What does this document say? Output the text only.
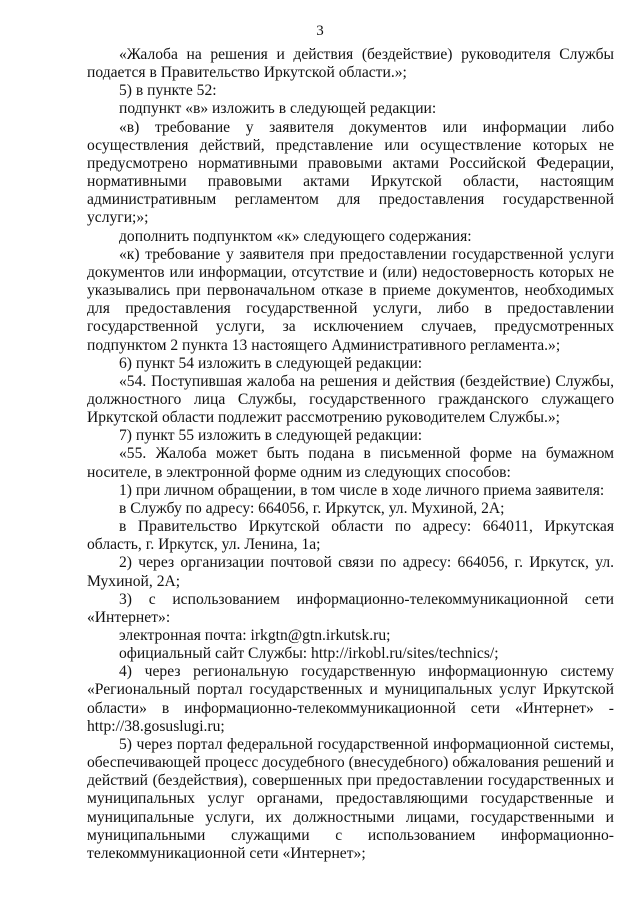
3

«Жалоба на решения и действия (бездействие) руководителя Службы подается в Правительство Иркутской области.»;

5) в пункте 52:

подпункт «в» изложить в следующей редакции:

«в) требование у заявителя документов или информации либо осуществления действий, представление или осуществление которых не предусмотрено нормативными правовыми актами Российской Федерации, нормативными правовыми актами Иркутской области, настоящим административным регламентом для предоставления государственной услуги;»;

дополнить подпунктом «к» следующего содержания:

«к) требование у заявителя при предоставлении государственной услуги документов или информации, отсутствие и (или) недостоверность которых не указывались при первоначальном отказе в приеме документов, необходимых для предоставления государственной услуги, либо в предоставлении государственной услуги, за исключением случаев, предусмотренных подпунктом 2 пункта 13 настоящего Административного регламента.»;

6) пункт 54 изложить в следующей редакции:

«54. Поступившая жалоба на решения и действия (бездействие) Службы, должностного лица Службы, государственного гражданского служащего Иркутской области подлежит рассмотрению руководителем Службы.»;

7) пункт 55 изложить в следующей редакции:

«55. Жалоба может быть подана в письменной форме на бумажном носителе, в электронной форме одним из следующих способов:

1) при личном обращении, в том числе в ходе личного приема заявителя:

в Службу по адресу: 664056, г. Иркутск, ул. Мухиной, 2А;

в Правительство Иркутской области по адресу: 664011, Иркутская область, г. Иркутск, ул. Ленина, 1а;

2) через организации почтовой связи по адресу: 664056, г. Иркутск, ул. Мухиной, 2А;

3) с использованием информационно-телекоммуникационной сети «Интернет»:

электронная почта: irkgtn@gtn.irkutsk.ru;

официальный сайт Службы: http://irkobl.ru/sites/technics/;

4) через региональную государственную информационную систему «Региональный портал государственных и муниципальных услуг Иркутской области» в информационно-телекоммуникационной сети «Интернет» - http://38.gosuslugi.ru;

5) через портал федеральной государственной информационной системы, обеспечивающей процесс досудебного (внесудебного) обжалования решений и действий (бездействия), совершенных при предоставлении государственных и муниципальных услуг органами, предоставляющими государственные и муниципальные услуги, их должностными лицами, государственными и муниципальными служащими с использованием информационно-телекоммуникационной сети «Интернет»;
